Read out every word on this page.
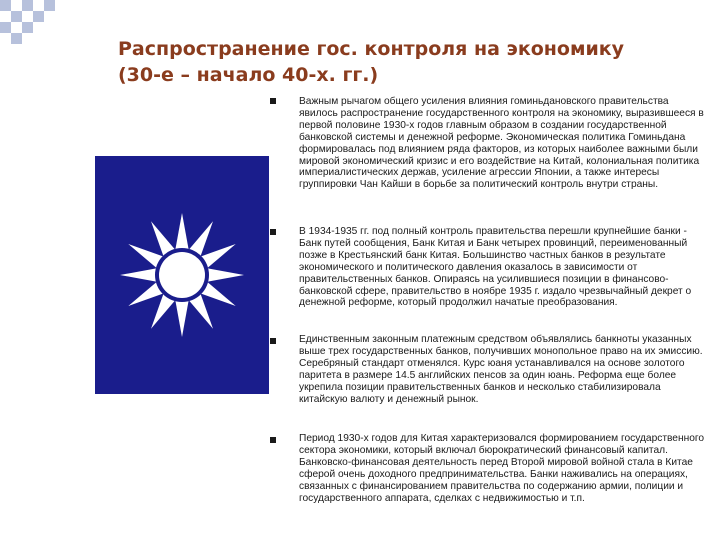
Распространение гос. контроля на экономику
(30-е – начало 40-х. гг.)

Важным рычагом общего усиления влияния гоминьдановского правительства явилось распространение государственного контроля на экономику, выразившееся в первой половине 1930-х годов главным образом в создании государственной банковской системы и денежной реформе. Экономическая политика Гоминьдана формировалась под влиянием ряда факторов, из которых наиболее важными были мировой экономический кризис и его воздействие на Китай, колониальная политика империалистических держав, усиление агрессии Японии, а также интересы группировки Чан Кайши в борьбе за политический контроль внутри страны.

В 1934-1935 гг. под полный контроль правительства перешли крупнейшие банки - Банк путей сообщения, Банк Китая и Банк четырех провинций, переименованный позже в Крестьянский банк Китая. Большинство частных банков в результате экономического и политического давления оказалось в зависимости от правительственных банков. Опираясь на усилившиеся позиции в финансово-банковской сфере, правительство в ноябре 1935 г. издало чрезвычайный декрет о денежной реформе, который продолжил начатые преобразования.

Единственным законным платежным средством объявлялись банкноты указанных выше трех государственных банков, получивших монопольное право на их эмиссию. Серебряный стандарт отменялся. Курс юаня устанавливался на основе золотого паритета в размере 14.5 английских пенсов за один юань. Реформа еще более укрепила позиции правительственных банков и несколько стабилизировала китайскую валюту и денежный рынок.

Период 1930-х годов для Китая характеризовался формированием государственного сектора экономики, который включал бюрократический финансовый капитал. Банковско-финансовая деятельность перед Второй мировой войной стала в Китае сферой очень доходного предпринимательства. Банки наживались на операциях, связанных с финансированием правительства по содержанию армии, полиции и государственного аппарата, сделках с недвижимостью и т.п.
